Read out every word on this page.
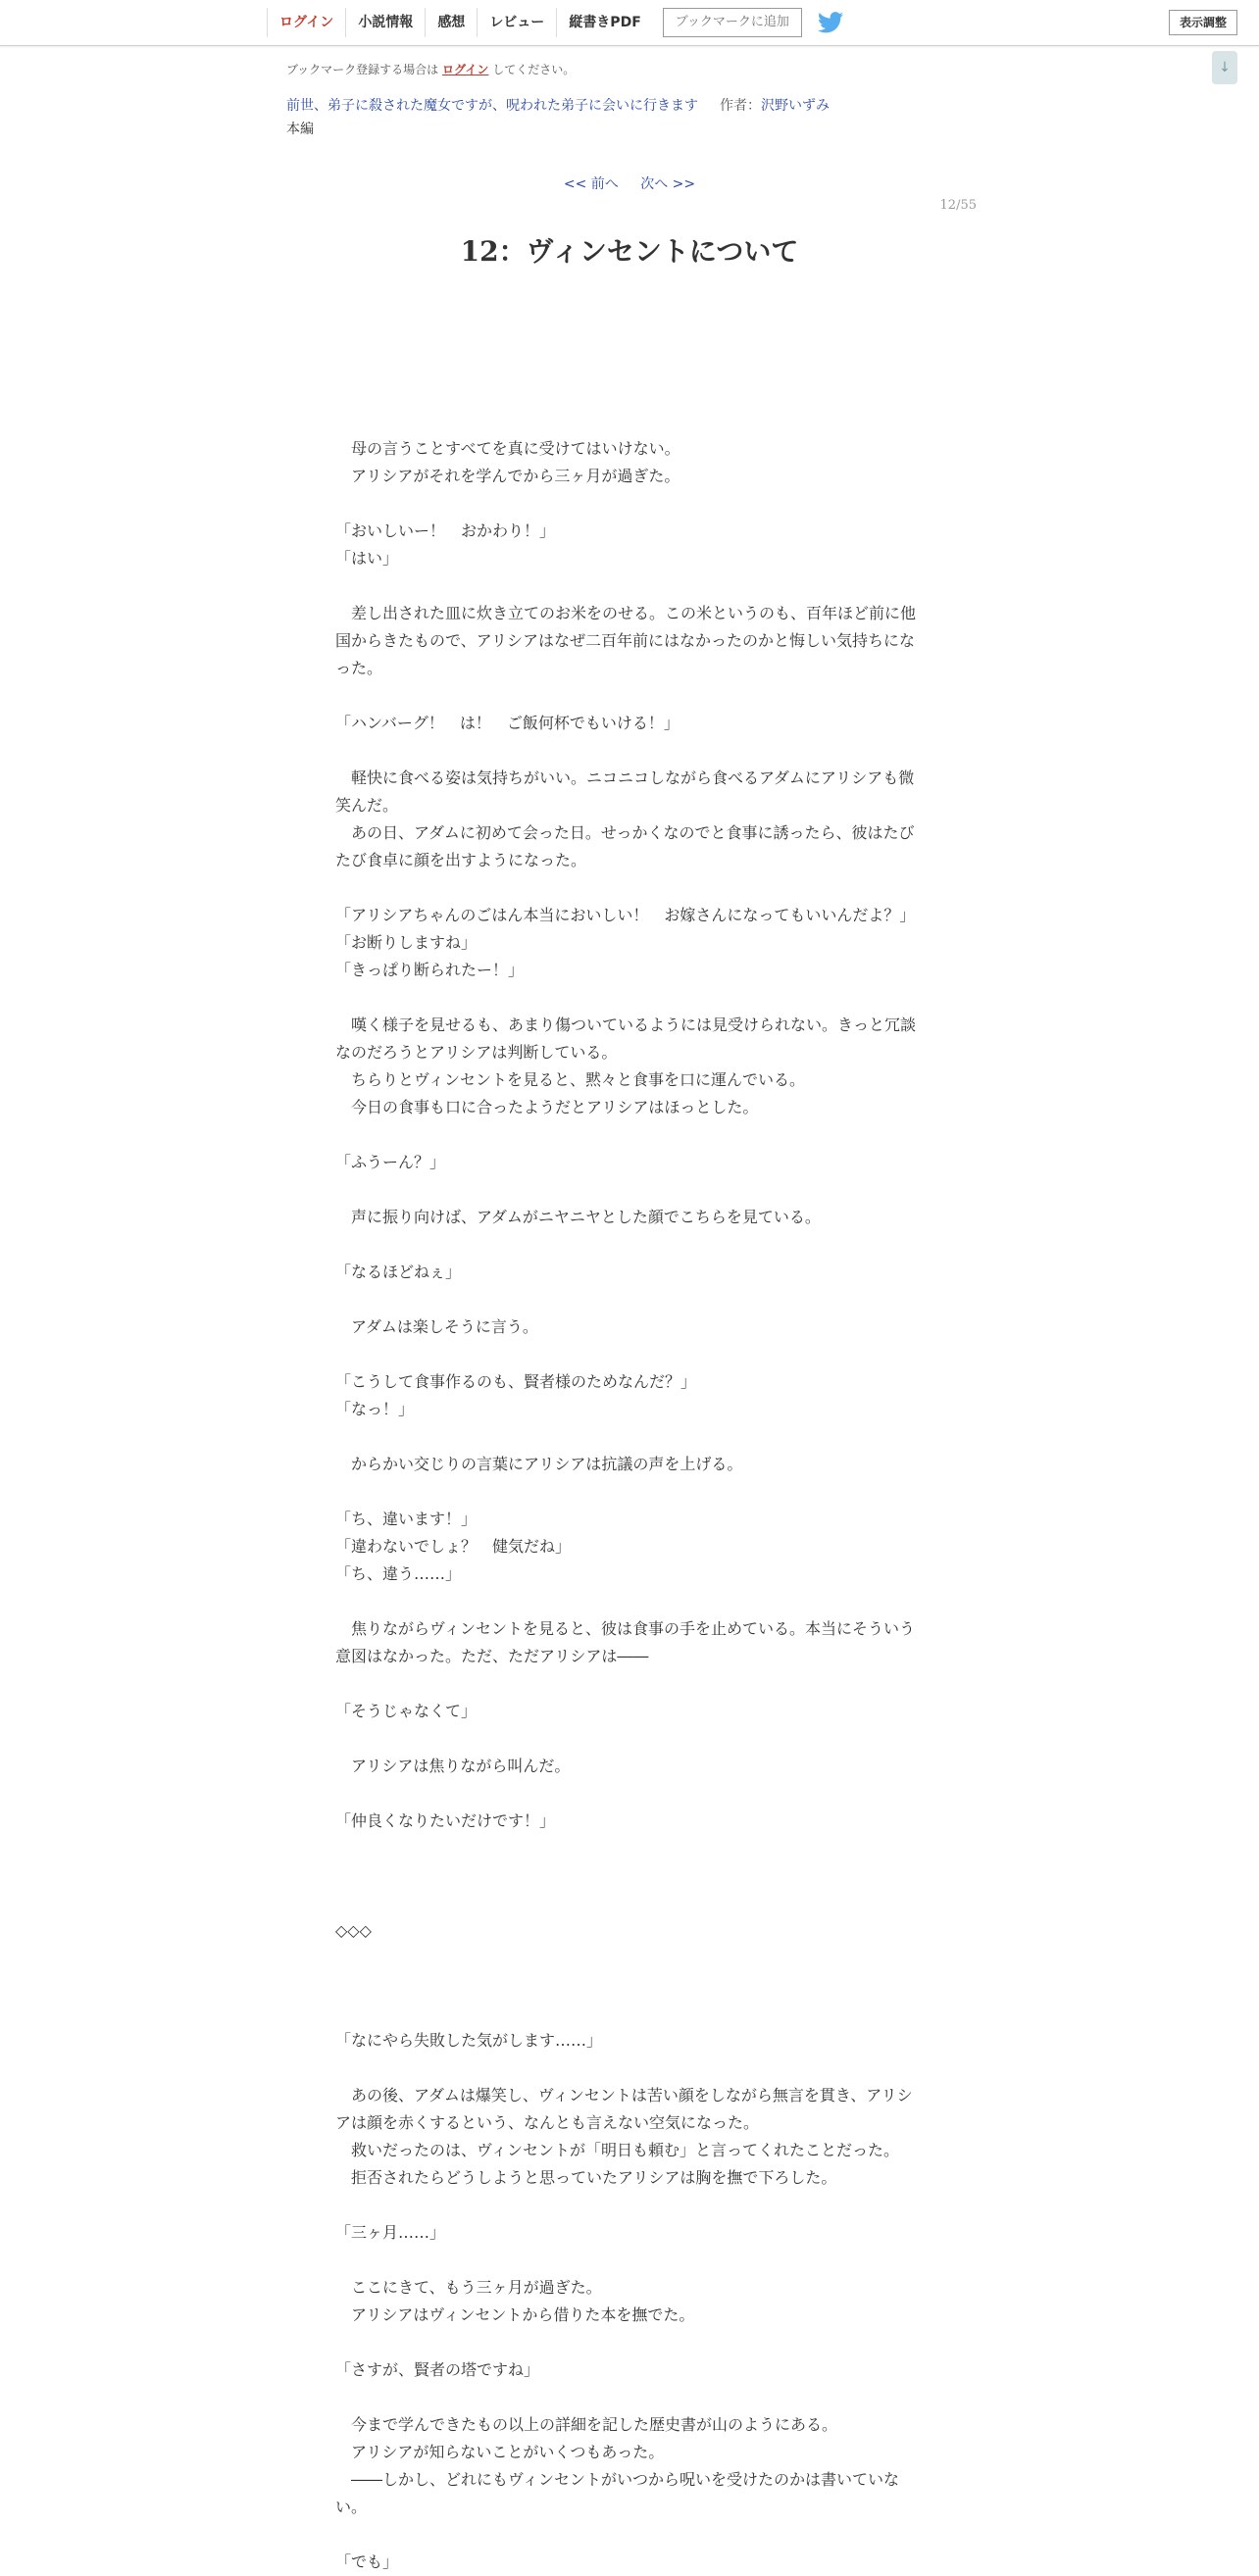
ログイン	小説情報	感想	レビュー	縦書きPDF	ブックマークに追加	表示調整
↓
ブックマーク登録する場合は ログイン してください。
前世、弟子に殺された魔女ですが、呪われた弟子に会いに行きます 作者：沢野いずみ
本編
<< 前へ 次へ >>
12/55
12：ヴィンセントについて

　母の言うことすべてを真に受けてはいけない。

　アリシアがそれを学んでから三ヶ月が過ぎた。

「おいしいー！　おかわり！」

「はい」

　差し出された皿に炊き立てのお米をのせる。この米というのも、百年ほど前に他国からきたもので、アリシアはなぜ二百年前にはなかったのかと悔しい気持ちになった。

「ハンバーグ！　は！　ご飯何杯でもいける！」

　軽快に食べる姿は気持ちがいい。ニコニコしながら食べるアダムにアリシアも微笑んだ。

　あの日、アダムに初めて会った日。せっかくなのでと食事に誘ったら、彼はたびたび食卓に顔を出すようになった。

「アリシアちゃんのごはん本当においしい！　お嫁さんになってもいいんだよ？」

「お断りしますね」

「きっぱり断られたー！」

　嘆く様子を見せるも、あまり傷ついているようには見受けられない。きっと冗談なのだろうとアリシアは判断している。

　ちらりとヴィンセントを見ると、黙々と食事を口に運んでいる。

　今日の食事も口に合ったようだとアリシアはほっとした。

「ふうーん？」

　声に振り向けば、アダムがニヤニヤとした顔でこちらを見ている。

「なるほどねぇ」

　アダムは楽しそうに言う。

「こうして食事作るのも、賢者様のためなんだ？」

「なっ！」

　からかい交じりの言葉にアリシアは抗議の声を上げる。

「ち、違います！」

「違わないでしょ？　健気だね」

「ち、違う……」

　焦りながらヴィンセントを見ると、彼は食事の手を止めている。本当にそういう意図はなかった。ただ、ただアリシアは――

「そうじゃなくて」

　アリシアは焦りながら叫んだ。

「仲良くなりたいだけです！」

◇◇◇

「なにやら失敗した気がします……」

　あの後、アダムは爆笑し、ヴィンセントは苦い顔をしながら無言を貫き、アリシアは顔を赤くするという、なんとも言えない空気になった。

　救いだったのは、ヴィンセントが「明日も頼む」と言ってくれたことだった。

　拒否されたらどうしようと思っていたアリシアは胸を撫で下ろした。

「三ヶ月……」

　ここにきて、もう三ヶ月が過ぎた。

　アリシアはヴィンセントから借りた本を撫でた。

「さすが、賢者の塔ですね」

　今まで学んできたもの以上の詳細を記した歴史書が山のようにある。

　アリシアが知らないことがいくつもあった。

　――しかし、どれにもヴィンセントがいつから呪いを受けたのかは書いていない。

「でも」
